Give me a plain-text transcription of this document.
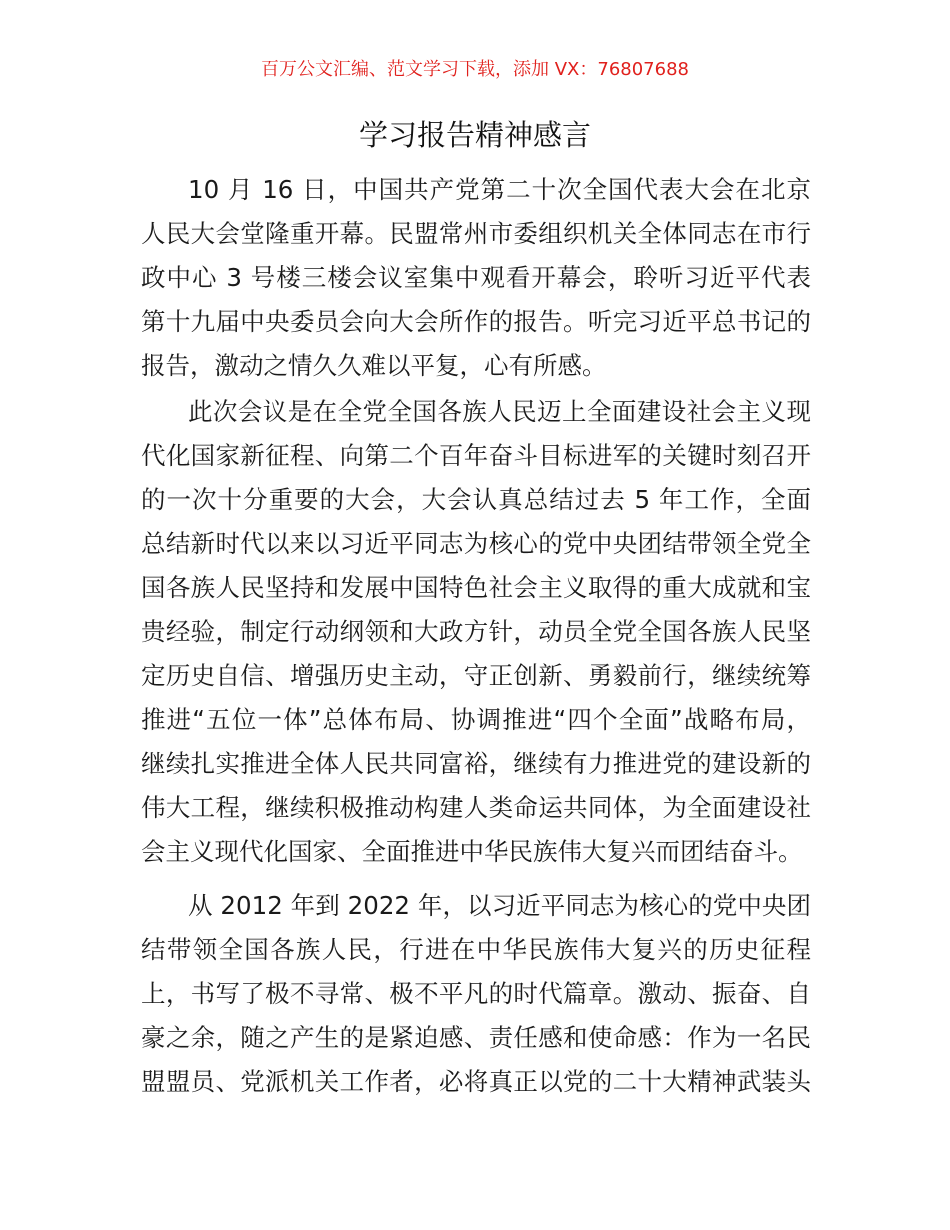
百万公文汇编、范文学习下载，添加 VX：76807688
学习报告精神感言
10 月 16 日，中国共产党第二十次全国代表大会在北京
人民大会堂隆重开幕。民盟常州市委组织机关全体同志在市行
政中心 3 号楼三楼会议室集中观看开幕会，聆听习近平代表
第十九届中央委员会向大会所作的报告。听完习近平总书记的
报告，激动之情久久难以平复，心有所感。
此次会议是在全党全国各族人民迈上全面建设社会主义现
代化国家新征程、向第二个百年奋斗目标进军的关键时刻召开
的一次十分重要的大会，大会认真总结过去 5 年工作，全面
总结新时代以来以习近平同志为核心的党中央团结带领全党全
国各族人民坚持和发展中国特色社会主义取得的重大成就和宝
贵经验，制定行动纲领和大政方针，动员全党全国各族人民坚
定历史自信、增强历史主动，守正创新、勇毅前行，继续统筹
推进“五位一体”总体布局、协调推进“四个全面”战略布局，
继续扎实推进全体人民共同富裕，继续有力推进党的建设新的
伟大工程，继续积极推动构建人类命运共同体，为全面建设社
会主义现代化国家、全面推进中华民族伟大复兴而团结奋斗。
从 2012 年到 2022 年，以习近平同志为核心的党中央团
结带领全国各族人民，行进在中华民族伟大复兴的历史征程
上，书写了极不寻常、极不平凡的时代篇章。激动、振奋、自
豪之余，随之产生的是紧迫感、责任感和使命感：作为一名民
盟盟员、党派机关工作者，必将真正以党的二十大精神武装头
